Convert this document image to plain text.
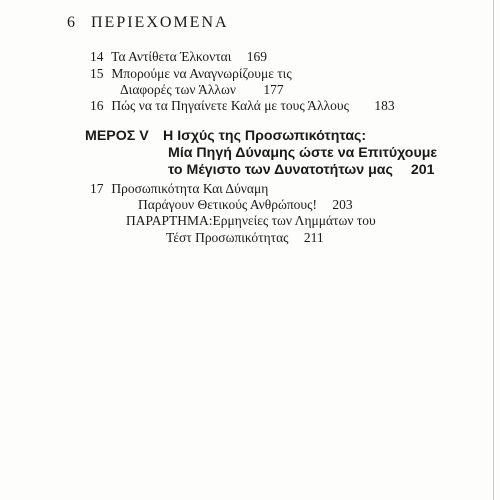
6 ΠΕΡΙΕΧΟΜΕΝΑ
14 Τα Αντίθετα Έλκονται 169
15 Μπορούμε να Αναγνωρίζουμε τις
Διαφορές των Άλλων 177
16 Πώς να τα Πηγαίνετε Καλά με τους Άλλους 183
ΜΕΡΟΣ V Η Ισχύς της Προσωπικότητας:
Μία Πηγή Δύναμης ώστε να Επιτύχουμε
το Μέγιστο των Δυνατοτήτων μας 201
17 Προσωπικότητα Και Δύναμη
Παράγουν Θετικούς Ανθρώπους! 203
ΠΑΡΑΡΤΗΜΑ:Ερμηνείες των Λημμάτων του
Τέστ Προσωπικότητας 211
